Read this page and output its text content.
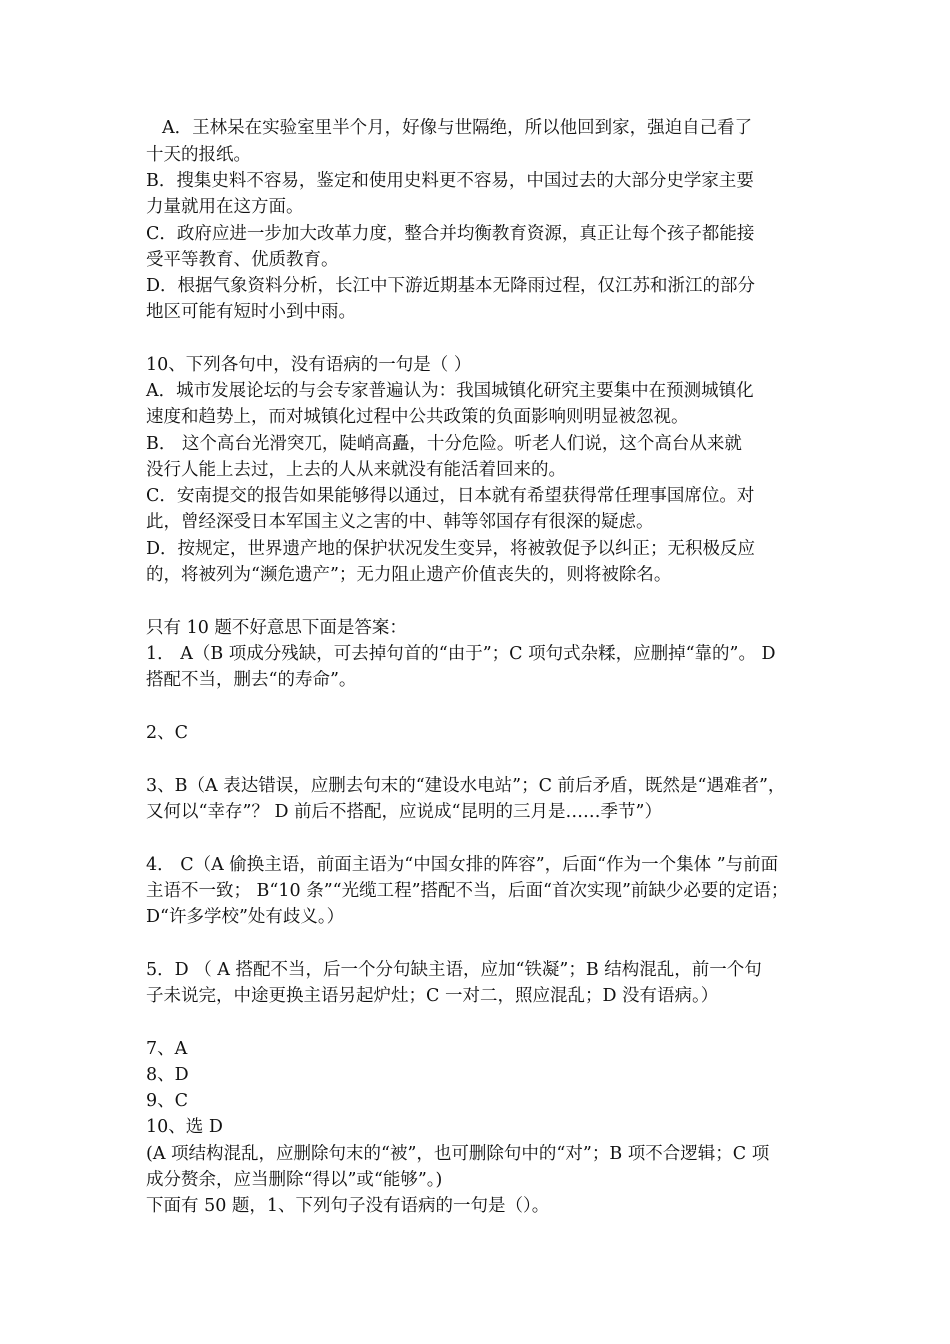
A．王林呆在实验室里半个月，好像与世隔绝，所以他回到家，强迫自己看了
十天的报纸。
B．搜集史料不容易，鉴定和使用史料更不容易，中国过去的大部分史学家主要
力量就用在这方面。
C．政府应进一步加大改革力度，整合并均衡教育资源，真正让每个孩子都能接
受平等教育、优质教育。
D．根据气象资料分析，长江中下游近期基本无降雨过程，仅江苏和浙江的部分
地区可能有短时小到中雨。
10、下列各句中，没有语病的一句是（ ）
A．城市发展论坛的与会专家普遍认为：我国城镇化研究主要集中在预测城镇化
速度和趋势上，而对城镇化过程中公共政策的负面影响则明显被忽视。
B． 这个高台光滑突兀，陡峭高矗，十分危险。听老人们说，这个高台从来就
没行人能上去过，上去的人从来就没有能活着回来的。
C．安南提交的报告如果能够得以通过，日本就有希望获得常任理事国席位。对
此，曾经深受日本军国主义之害的中、韩等邻国存有很深的疑虑。
D．按规定，世界遗产地的保护状况发生变异，将被敦促予以纠正；无积极反应
的，将被列为“濒危遗产”；无力阻止遗产价值丧失的，则将被除名。
只有 10 题不好意思下面是答案：
1． A（B 项成分残缺，可去掉句首的“由于”；C 项句式杂糅，应删掉“靠的”。 D
搭配不当，删去“的寿命”。
2、C
3、B（A 表达错误，应删去句末的“建设水电站”；C 前后矛盾，既然是“遇难者”，
又何以“幸存”？ D 前后不搭配，应说成“昆明的三月是……季节”）
4． C（A 偷换主语，前面主语为“中国女排的阵容”，后面“作为一个集体 ”与前面
主语不一致； B“10 条”“光缆工程”搭配不当，后面“首次实现”前缺少必要的定语；
D“许多学校”处有歧义。）
5．D （ A 搭配不当，后一个分句缺主语，应加“铁凝”；B 结构混乱，前一个句
子未说完，中途更换主语另起炉灶；C 一对二，照应混乱；D 没有语病。）
7、A
8、D
9、C
10、选 D
(A 项结构混乱，应删除句末的“被”，也可删除句中的“对”；B 项不合逻辑；C 项
成分赘余，应当删除“得以”或“能够”。)
下面有 50 题，1、下列句子没有语病的一句是（）。
